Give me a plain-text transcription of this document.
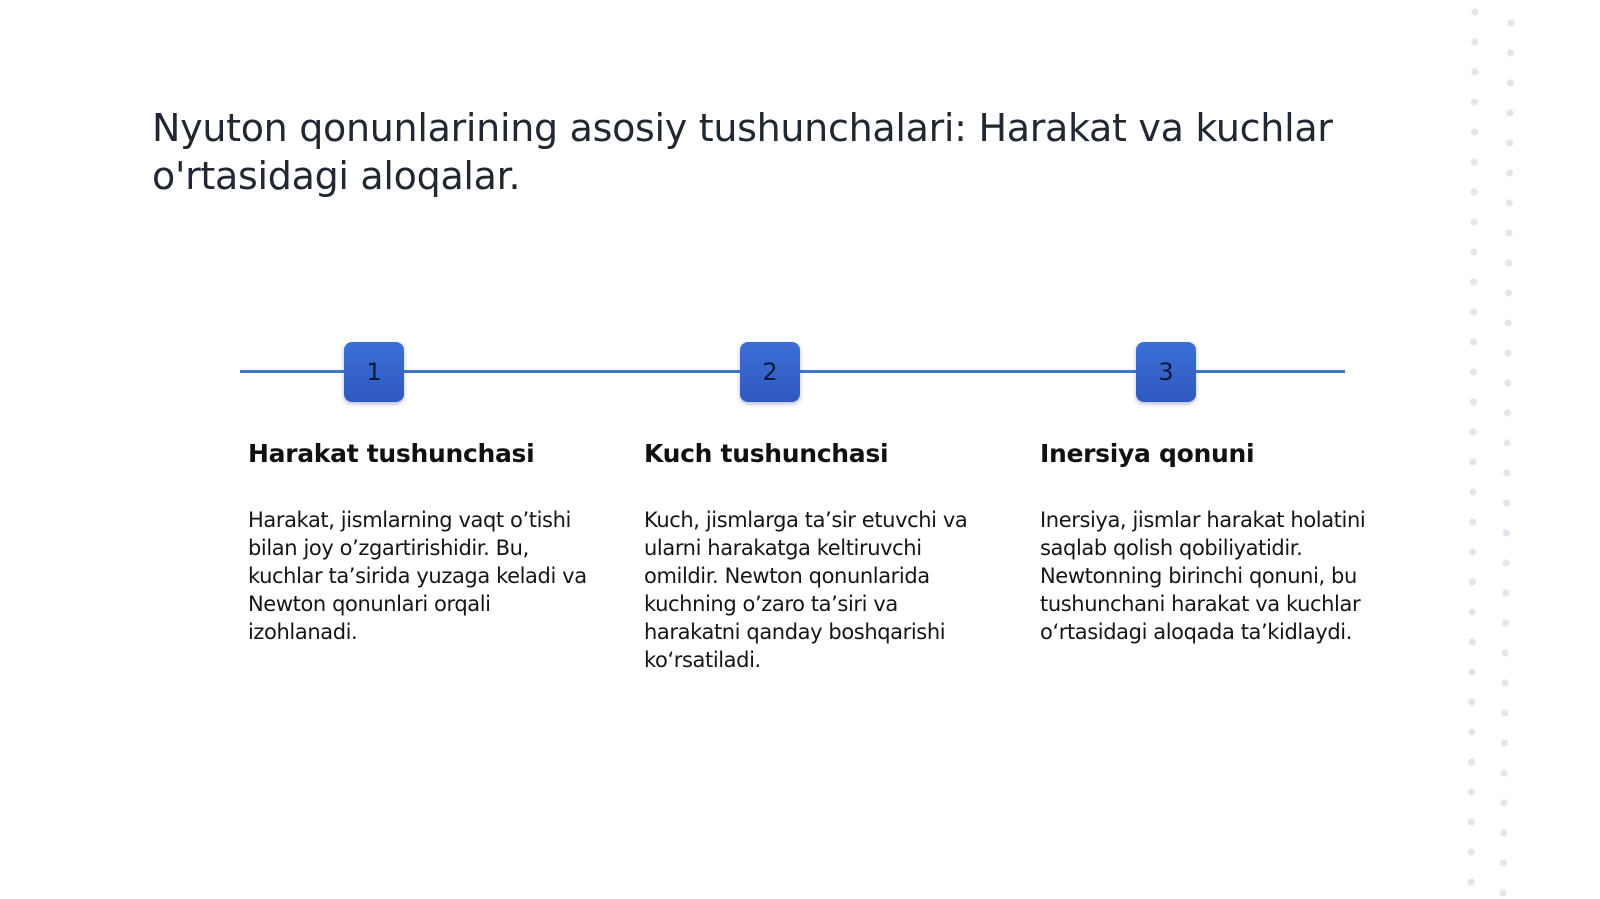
Nyuton qonunlarining asosiy tushunchalari: Harakat va kuchlar o'rtasidagi aloqalar.
1	2	3
Harakat tushunchasi

Harakat, jismlarning vaqt o’tishi bilan joy o’zgartirishidir. Bu, kuchlar ta’sirida yuzaga keladi va Newton qonunlari orqali izohlanadi.

Kuch tushunchasi

Kuch, jismlarga ta’sir etuvchi va ularni harakatga keltiruvchi omildir. Newton qonunlarida kuchning o’zaro ta’siri va harakatni qanday boshqarishi ko‘rsatiladi.

Inersiya qonuni

Inersiya, jismlar harakat holatini saqlab qolish qobiliyatidir. Newtonning birinchi qonuni, bu tushunchani harakat va kuchlar o‘rtasidagi aloqada ta’kidlaydi.
